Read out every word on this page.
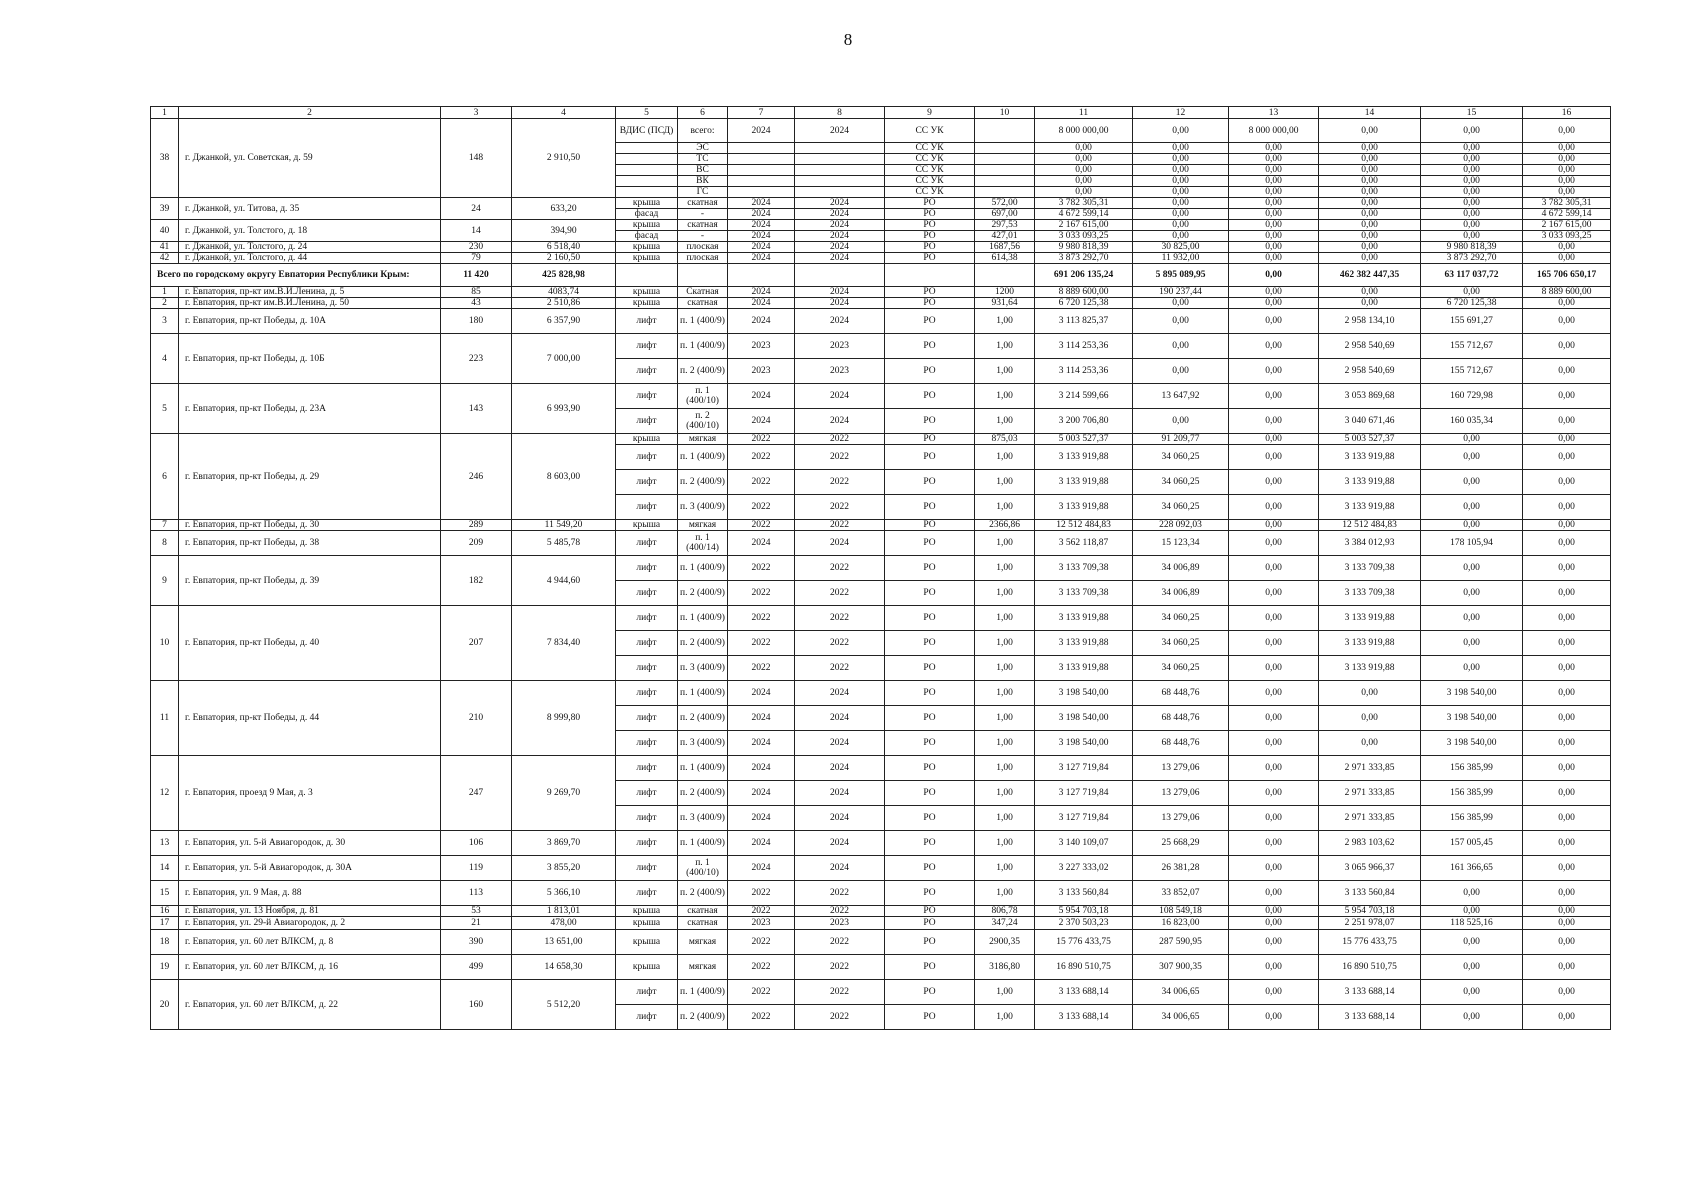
8
1	2	3	4	5	6	7	8	9	10	11	12	13	14	15	16
38	г. Джанкой, ул. Советская, д. 59	148	2 910,50	ВДИС (ПСД)	всего:	2024	2024	СС УК		8 000 000,00	0,00	8 000 000,00	0,00	0,00	0,00
					ЭС			СС УК		0,00	0,00	0,00	0,00	0,00	0,00
					ТС			СС УК		0,00	0,00	0,00	0,00	0,00	0,00
					ВС			СС УК		0,00	0,00	0,00	0,00	0,00	0,00
					ВК			СС УК		0,00	0,00	0,00	0,00	0,00	0,00
					ГС			СС УК		0,00	0,00	0,00	0,00	0,00	0,00
39	г. Джанкой, ул. Титова, д. 35	24	633,20	крыша	скатная	2024	2024	РО	572,00	3 782 305,31	0,00	0,00	0,00	0,00	3 782 305,31
				фасад	-	2024	2024	РО	697,00	4 672 599,14	0,00	0,00	0,00	0,00	4 672 599,14
40	г. Джанкой, ул. Толстого, д. 18	14	394,90	крыша	скатная	2024	2024	РО	297,53	2 167 615,00	0,00	0,00	0,00	0,00	2 167 615,00
				фасад	-	2024	2024	РО	427,01	3 033 093,25	0,00	0,00	0,00	0,00	3 033 093,25
41	г. Джанкой, ул. Толстого, д. 24	230	6 518,40	крыша	плоская	2024	2024	РО	1687,56	9 980 818,39	30 825,00	0,00	0,00	9 980 818,39	0,00
42	г. Джанкой, ул. Толстого, д. 44	79	2 160,50	крыша	плоская	2024	2024	РО	614,38	3 873 292,70	11 932,00	0,00	0,00	3 873 292,70	0,00
Всего по городскому округу Евпатория Республики Крым:		11 420	425 828,98							691 206 135,24	5 895 089,95	0,00	462 382 447,35	63 117 037,72	165 706 650,17
1	г. Евпатория, пр-кт им.В.И.Ленина, д. 5	85	4083,74	крыша	Скатная	2024	2024	РО	1200	8 889 600,00	190 237,44	0,00	0,00	0,00	8 889 600,00
2	г. Евпатория, пр-кт им.В.И.Ленина, д. 50	43	2 510,86	крыша	скатная	2024	2024	РО	931,64	6 720 125,38	0,00	0,00	0,00	6 720 125,38	0,00
3	г. Евпатория, пр-кт Победы, д. 10А	180	6 357,90	лифт	п. 1 (400/9)	2024	2024	РО	1,00	3 113 825,37	0,00	0,00	2 958 134,10	155 691,27	0,00
4	г. Евпатория, пр-кт Победы, д. 10Б	223	7 000,00	лифт	п. 1 (400/9)	2023	2023	РО	1,00	3 114 253,36	0,00	0,00	2 958 540,69	155 712,67	0,00
				лифт	п. 2 (400/9)	2023	2023	РО	1,00	3 114 253,36	0,00	0,00	2 958 540,69	155 712,67	0,00
5	г. Евпатория, пр-кт Победы, д. 23А	143	6 993,90	лифт	п. 1 (400/10)	2024	2024	РО	1,00	3 214 599,66	13 647,92	0,00	3 053 869,68	160 729,98	0,00
				лифт	п. 2 (400/10)	2024	2024	РО	1,00	3 200 706,80	0,00	0,00	3 040 671,46	160 035,34	0,00
6	г. Евпатория, пр-кт Победы, д. 29	246	8 603,00	крыша	мягкая	2022	2022	РО	875,03	5 003 527,37	91 209,77	0,00	5 003 527,37	0,00	0,00
				лифт	п. 1 (400/9)	2022	2022	РО	1,00	3 133 919,88	34 060,25	0,00	3 133 919,88	0,00	0,00
				лифт	п. 2 (400/9)	2022	2022	РО	1,00	3 133 919,88	34 060,25	0,00	3 133 919,88	0,00	0,00
				лифт	п. 3 (400/9)	2022	2022	РО	1,00	3 133 919,88	34 060,25	0,00	3 133 919,88	0,00	0,00
7	г. Евпатория, пр-кт Победы, д. 30	289	11 549,20	крыша	мягкая	2022	2022	РО	2366,86	12 512 484,83	228 092,03	0,00	12 512 484,83	0,00	0,00
8	г. Евпатория, пр-кт Победы, д. 38	209	5 485,78	лифт	п. 1 (400/14)	2024	2024	РО	1,00	3 562 118,87	15 123,34	0,00	3 384 012,93	178 105,94	0,00
9	г. Евпатория, пр-кт Победы, д. 39	182	4 944,60	лифт	п. 1 (400/9)	2022	2022	РО	1,00	3 133 709,38	34 006,89	0,00	3 133 709,38	0,00	0,00
				лифт	п. 2 (400/9)	2022	2022	РО	1,00	3 133 709,38	34 006,89	0,00	3 133 709,38	0,00	0,00
10	г. Евпатория, пр-кт Победы, д. 40	207	7 834,40	лифт	п. 1 (400/9)	2022	2022	РО	1,00	3 133 919,88	34 060,25	0,00	3 133 919,88	0,00	0,00
				лифт	п. 2 (400/9)	2022	2022	РО	1,00	3 133 919,88	34 060,25	0,00	3 133 919,88	0,00	0,00
				лифт	п. 3 (400/9)	2022	2022	РО	1,00	3 133 919,88	34 060,25	0,00	3 133 919,88	0,00	0,00
11	г. Евпатория, пр-кт Победы, д. 44	210	8 999,80	лифт	п. 1 (400/9)	2024	2024	РО	1,00	3 198 540,00	68 448,76	0,00	0,00	3 198 540,00	0,00
				лифт	п. 2 (400/9)	2024	2024	РО	1,00	3 198 540,00	68 448,76	0,00	0,00	3 198 540,00	0,00
				лифт	п. 3 (400/9)	2024	2024	РО	1,00	3 198 540,00	68 448,76	0,00	0,00	3 198 540,00	0,00
12	г. Евпатория, проезд 9 Мая, д. 3	247	9 269,70	лифт	п. 1 (400/9)	2024	2024	РО	1,00	3 127 719,84	13 279,06	0,00	2 971 333,85	156 385,99	0,00
				лифт	п. 2 (400/9)	2024	2024	РО	1,00	3 127 719,84	13 279,06	0,00	2 971 333,85	156 385,99	0,00
				лифт	п. 3 (400/9)	2024	2024	РО	1,00	3 127 719,84	13 279,06	0,00	2 971 333,85	156 385,99	0,00
13	г. Евпатория, ул. 5-й Авиагородок, д. 30	106	3 869,70	лифт	п. 1 (400/9)	2024	2024	РО	1,00	3 140 109,07	25 668,29	0,00	2 983 103,62	157 005,45	0,00
14	г. Евпатория, ул. 5-й Авиагородок, д. 30А	119	3 855,20	лифт	п. 1 (400/10)	2024	2024	РО	1,00	3 227 333,02	26 381,28	0,00	3 065 966,37	161 366,65	0,00
15	г. Евпатория, ул. 9 Мая, д. 88	113	5 366,10	лифт	п. 2 (400/9)	2022	2022	РО	1,00	3 133 560,84	33 852,07	0,00	3 133 560,84	0,00	0,00
16	г. Евпатория, ул. 13 Ноября, д. 81	53	1 813,01	крыша	скатная	2022	2022	РО	806,78	5 954 703,18	108 549,18	0,00	5 954 703,18	0,00	0,00
17	г. Евпатория, ул. 29-й Авиагородок, д. 2	21	478,00	крыша	скатная	2023	2023	РО	347,24	2 370 503,23	16 823,00	0,00	2 251 978,07	118 525,16	0,00
18	г. Евпатория, ул. 60 лет ВЛКСМ, д. 8	390	13 651,00	крыша	мягкая	2022	2022	РО	2900,35	15 776 433,75	287 590,95	0,00	15 776 433,75	0,00	0,00
19	г. Евпатория, ул. 60 лет ВЛКСМ, д. 16	499	14 658,30	крыша	мягкая	2022	2022	РО	3186,80	16 890 510,75	307 900,35	0,00	16 890 510,75	0,00	0,00
20	г. Евпатория, ул. 60 лет ВЛКСМ, д. 22	160	5 512,20	лифт	п. 1 (400/9)	2022	2022	РО	1,00	3 133 688,14	34 006,65	0,00	3 133 688,14	0,00	0,00
				лифт	п. 2 (400/9)	2022	2022	РО	1,00	3 133 688,14	34 006,65	0,00	3 133 688,14	0,00	0,00
